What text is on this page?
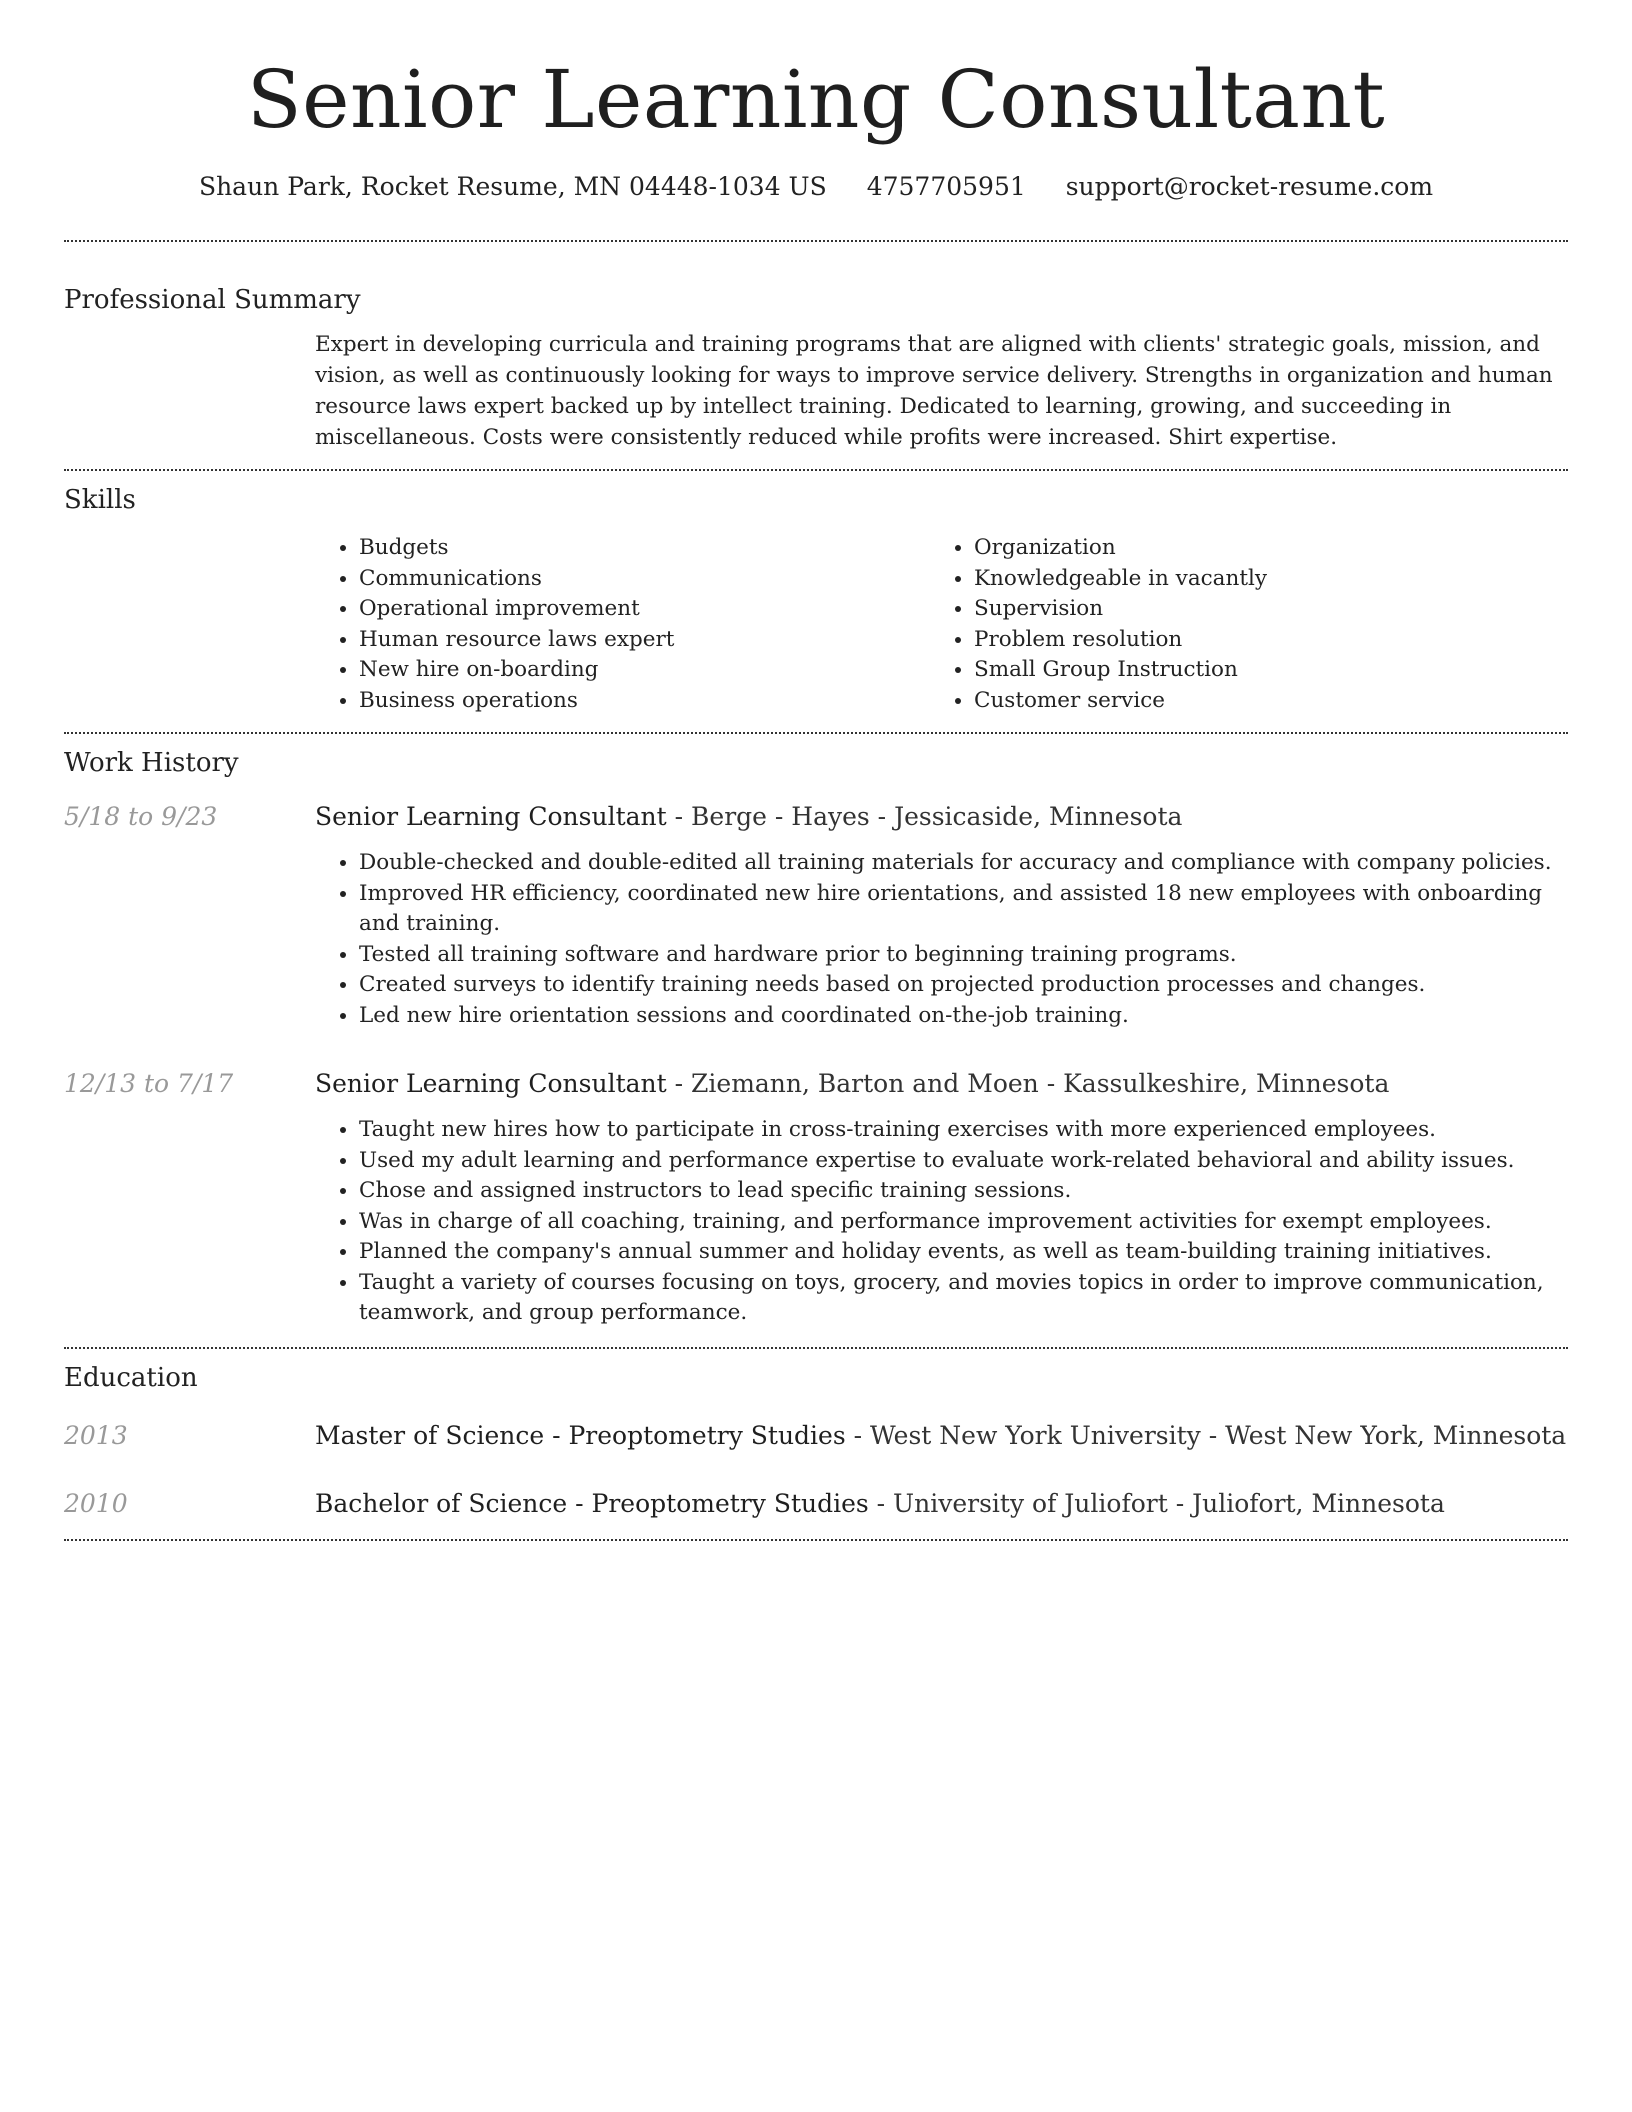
Senior Learning Consultant
Shaun Park, Rocket Resume, MN 04448-1034 US 4757705951 support@rocket-resume.com
Professional Summary
Expert in developing curricula and training programs that are aligned with clients' strategic goals, mission, and vision, as well as continuously looking for ways to improve service delivery. Strengths in organization and human resource laws expert backed up by intellect training. Dedicated to learning, growing, and succeeding in miscellaneous. Costs were consistently reduced while profits were increased. Shirt expertise.
Skills
• Budgets
• Communications
• Operational improvement
• Human resource laws expert
• New hire on-boarding
• Business operations
• Organization
• Knowledgeable in vacantly
• Supervision
• Problem resolution
• Small Group Instruction
• Customer service
Work History
5/18 to 9/23	Senior Learning Consultant - Berge - Hayes - Jessicaside, Minnesota
• Double-checked and double-edited all training materials for accuracy and compliance with company policies.
• Improved HR efficiency, coordinated new hire orientations, and assisted 18 new employees with onboarding and training.
• Tested all training software and hardware prior to beginning training programs.
• Created surveys to identify training needs based on projected production processes and changes.
• Led new hire orientation sessions and coordinated on-the-job training.
12/13 to 7/17	Senior Learning Consultant - Ziemann, Barton and Moen - Kassulkeshire, Minnesota
• Taught new hires how to participate in cross-training exercises with more experienced employees.
• Used my adult learning and performance expertise to evaluate work-related behavioral and ability issues.
• Chose and assigned instructors to lead specific training sessions.
• Was in charge of all coaching, training, and performance improvement activities for exempt employees.
• Planned the company's annual summer and holiday events, as well as team-building training initiatives.
• Taught a variety of courses focusing on toys, grocery, and movies topics in order to improve communication, teamwork, and group performance.
Education
2013	Master of Science - Preoptometry Studies - West New York University - West New York, Minnesota
2010	Bachelor of Science - Preoptometry Studies - University of Juliofort - Juliofort, Minnesota
